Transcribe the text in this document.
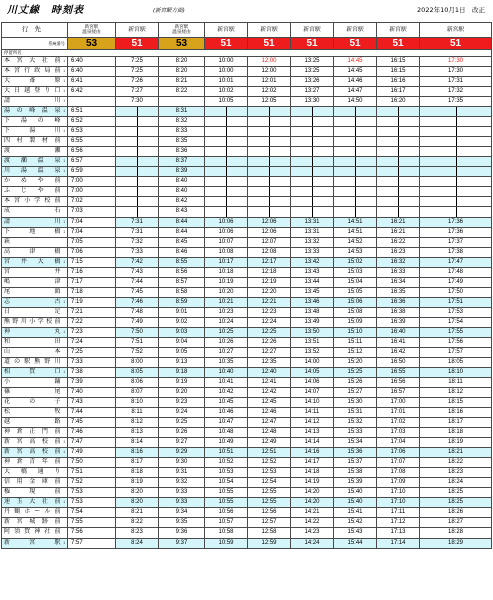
川丈線　時刻表	(新宮駅方面)	2022年10月1日　改正
行先		新宮駅
温泉経由	新宮駅	新宮駅
温泉経由	新宮駅	新宮駅	新宮駅	新宮駅	新宮駅	新宮駅
系統番号		53	51	53	51	51	51	51	51	51
停留所名										
本宮大社前	1	6:40	7:25	8:20	10:00	12:00	13:25	14:45	16:15	17:30
本宮行政局前	1	6:40	7:25	8:20	10:00	12:00	13:25	14:45	16:15	17:30
大斎原	1	6:41	7:26	8:21	10:01	12:01	13:26	14:46	16:16	17:31
大日越登り口	1	6:42	7:27	8:22	10:02	12:02	13:27	14:47	16:17	17:32
請川	1		7:30		10:05	12:05	13:30	14:50	16:20	17:35
湯の峰温泉	1	6:51		8:31						
下湯の峰		6:52		8:32						
下湯川	1	6:53		8:33						
四村製材前		6:55		8:35						
渡瀬		6:56		8:36						
渡瀬温泉	1	6:57		8:37						
川湯温泉	1	6:59		8:39						
かめや前		7:00		8:40						
ふじや前		7:00		8:40						
本宮小学校前		7:02		8:42						
成石		7:03		8:43						
請川	1	7:04	7:31	8:44	10:06	12:06	13:31	14:51	16:21	17:36
下地橋	1	7:04	7:31	8:44	10:06	12:06	13:31	14:51	16:21	17:36
萩		7:05	7:32	8:45	10:07	12:07	13:32	14:52	16:22	17:37
高津橋		7:06	7:33	8:46	10:08	12:08	13:33	14:53	16:23	17:38
宮井大橋	1	7:15	7:42	8:55	10:17	12:17	13:42	15:02	16:32	17:47
宮井		7:16	7:43	8:56	10:18	12:18	13:43	15:03	16:33	17:48
嶋津		7:17	7:44	8:57	10:19	12:19	13:44	15:04	16:34	17:49
尾頭		7:18	7:45	8:58	10:20	12:20	13:45	15:05	16:35	17:50
志古	1	7:19	7:46	8:59	10:21	12:21	13:46	15:06	16:36	17:51
日足		7:21	7:48	9:01	10:23	12:23	13:48	15:08	16:38	17:53
熊野川小学校前		7:22	7:49	9:02	10:24	12:24	13:49	15:09	16:39	17:54
神丸	1	7:23	7:50	9:03	10:25	12:25	13:50	15:10	16:40	17:55
和田		7:24	7:51	9:04	10:26	12:26	13:51	15:11	16:41	17:56
山本		7:25	7:52	9:05	10:27	12:27	13:52	15:12	16:42	17:57
道の駅熊野川		7:33	8:00	9:13	10:35	12:35	14:00	15:20	16:50	18:05
相賀口	1	7:38	8:05	9:18	10:40	12:40	14:05	15:25	16:55	18:10
小鋪		7:39	8:06	9:19	10:41	12:41	14:06	15:26	16:56	18:11
篠尾		7:40	8:07	9:20	10:42	12:42	14:07	15:27	16:57	18:12
花の子		7:43	8:10	9:23	10:45	12:45	14:10	15:30	17:00	18:15
松牧		7:44	8:11	9:24	10:46	12:46	14:11	15:31	17:01	18:16
越路		7:45	8:12	9:25	10:47	12:47	14:12	15:32	17:02	18:17
神倉正門前		7:46	8:13	9:26	10:48	12:48	14:13	15:33	17:03	18:18
新宮高校前	1	7:47	8:14	9:27	10:49	12:49	14:14	15:34	17:04	18:19
新宮高校前	1	7:49	8:16	9:29	10:51	12:51	14:16	15:36	17:06	18:21
神倉青年前		7:50	8:17	9:30	10:52	12:52	14:17	15:37	17:07	18:22
大橋通り		7:51	8:18	9:31	10:53	12:53	14:18	15:38	17:08	18:23
信用金庫前		7:52	8:19	9:32	10:54	12:54	14:19	15:39	17:09	18:24
権現前		7:53	8:20	9:33	10:55	12:55	14:20	15:40	17:10	18:25
速玉大社前	1	7:53	8:20	9:33	10:55	12:55	14:20	15:40	17:10	18:25
丹鶴ホール前		7:54	8:21	9:34	10:56	12:56	14:21	15:41	17:11	18:26
新宮城跡前		7:55	8:22	9:35	10:57	12:57	14:22	15:42	17:12	18:27
阿須賀神社前		7:56	8:23	9:36	10:58	12:58	14:23	15:43	17:13	18:28
新宮駅	1	7:57	8:24	9:37	10:59	12:59	14:24	15:44	17:14	18:29
